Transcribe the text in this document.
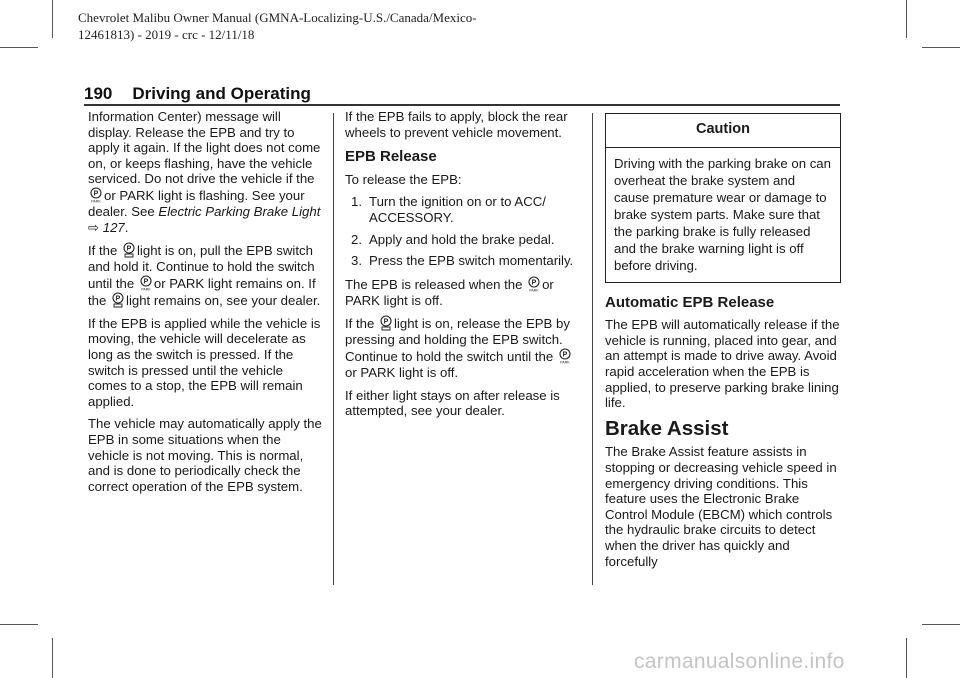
Chevrolet Malibu Owner Manual (GMNA-Localizing-U.S./Canada/Mexico-
12461813) - 2019 - crc - 12/11/18
190 Driving and Operating

Information Center) message will display. Release the EPB and try to apply it again. If the light does not come on, or keeps flashing, have the vehicle serviced. Do not drive the vehicle if the or PARK light is flashing. See your dealer. See Electric Parking Brake Light ⇨ 127.

If the light is on, pull the EPB switch and hold it. Continue to hold the switch until the or PARK light remains on. If the light remains on, see your dealer.

If the EPB is applied while the vehicle is moving, the vehicle will decelerate as long as the switch is pressed. If the switch is pressed until the vehicle comes to a stop, the EPB will remain applied.

The vehicle may automatically apply the EPB in some situations when the vehicle is not moving. This is normal, and is done to periodically check the correct operation of the EPB system.

If the EPB fails to apply, block the rear wheels to prevent vehicle movement.

EPB Release

To release the EPB:

1. Turn the ignition on or to ACC/ ACCESSORY.
2. Apply and hold the brake pedal.
3. Press the EPB switch momentarily.

The EPB is released when the or PARK light is off.

If the light is on, release the EPB by pressing and holding the EPB switch. Continue to hold the switch until the or PARK light is off.

If either light stays on after release is attempted, see your dealer.

Caution
Driving with the parking brake on can overheat the brake system and cause premature wear or damage to brake system parts. Make sure that the parking brake is fully released and the brake warning light is off before driving.
Automatic EPB Release

The EPB will automatically release if the vehicle is running, placed into gear, and an attempt is made to drive away. Avoid rapid acceleration when the EPB is applied, to preserve parking brake lining life.

Brake Assist

The Brake Assist feature assists in stopping or decreasing vehicle speed in emergency driving conditions. This feature uses the Electronic Brake Control Module (EBCM) which controls the hydraulic brake circuits to detect when the driver has quickly and forcefully

carmanualsonline.info
